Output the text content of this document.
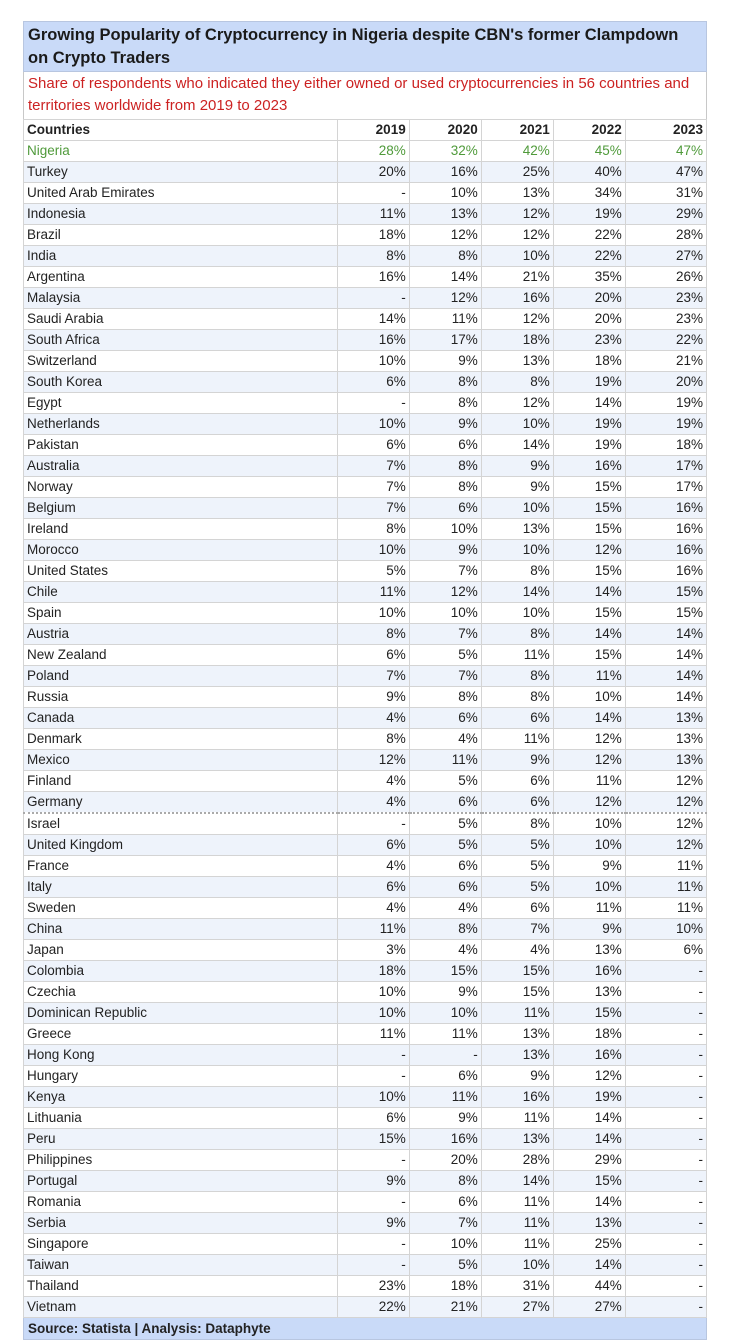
Growing Popularity of Cryptocurrency in Nigeria despite CBN's former Clampdown on Crypto Traders
Share of respondents who indicated they either owned or used cryptocurrencies in 56 countries and territories worldwide from 2019 to 2023
Countries	2019	2020	2021	2022	2023
Nigeria	28%	32%	42%	45%	47%
Turkey	20%	16%	25%	40%	47%
United Arab Emirates	-	10%	13%	34%	31%
Indonesia	11%	13%	12%	19%	29%
Brazil	18%	12%	12%	22%	28%
India	8%	8%	10%	22%	27%
Argentina	16%	14%	21%	35%	26%
Malaysia	-	12%	16%	20%	23%
Saudi Arabia	14%	11%	12%	20%	23%
South Africa	16%	17%	18%	23%	22%
Switzerland	10%	9%	13%	18%	21%
South Korea	6%	8%	8%	19%	20%
Egypt	-	8%	12%	14%	19%
Netherlands	10%	9%	10%	19%	19%
Pakistan	6%	6%	14%	19%	18%
Australia	7%	8%	9%	16%	17%
Norway	7%	8%	9%	15%	17%
Belgium	7%	6%	10%	15%	16%
Ireland	8%	10%	13%	15%	16%
Morocco	10%	9%	10%	12%	16%
United States	5%	7%	8%	15%	16%
Chile	11%	12%	14%	14%	15%
Spain	10%	10%	10%	15%	15%
Austria	8%	7%	8%	14%	14%
New Zealand	6%	5%	11%	15%	14%
Poland	7%	7%	8%	11%	14%
Russia	9%	8%	8%	10%	14%
Canada	4%	6%	6%	14%	13%
Denmark	8%	4%	11%	12%	13%
Mexico	12%	11%	9%	12%	13%
Finland	4%	5%	6%	11%	12%
Germany	4%	6%	6%	12%	12%
Israel	-	5%	8%	10%	12%
United Kingdom	6%	5%	5%	10%	12%
France	4%	6%	5%	9%	11%
Italy	6%	6%	5%	10%	11%
Sweden	4%	4%	6%	11%	11%
China	11%	8%	7%	9%	10%
Japan	3%	4%	4%	13%	6%
Colombia	18%	15%	15%	16%	-
Czechia	10%	9%	15%	13%	-
Dominican Republic	10%	10%	11%	15%	-
Greece	11%	11%	13%	18%	-
Hong Kong	-	-	13%	16%	-
Hungary	-	6%	9%	12%	-
Kenya	10%	11%	16%	19%	-
Lithuania	6%	9%	11%	14%	-
Peru	15%	16%	13%	14%	-
Philippines	-	20%	28%	29%	-
Portugal	9%	8%	14%	15%	-
Romania	-	6%	11%	14%	-
Serbia	9%	7%	11%	13%	-
Singapore	-	10%	11%	25%	-
Taiwan	-	5%	10%	14%	-
Thailand	23%	18%	31%	44%	-
Vietnam	22%	21%	27%	27%	-
Source: Statista | Analysis: Dataphyte
